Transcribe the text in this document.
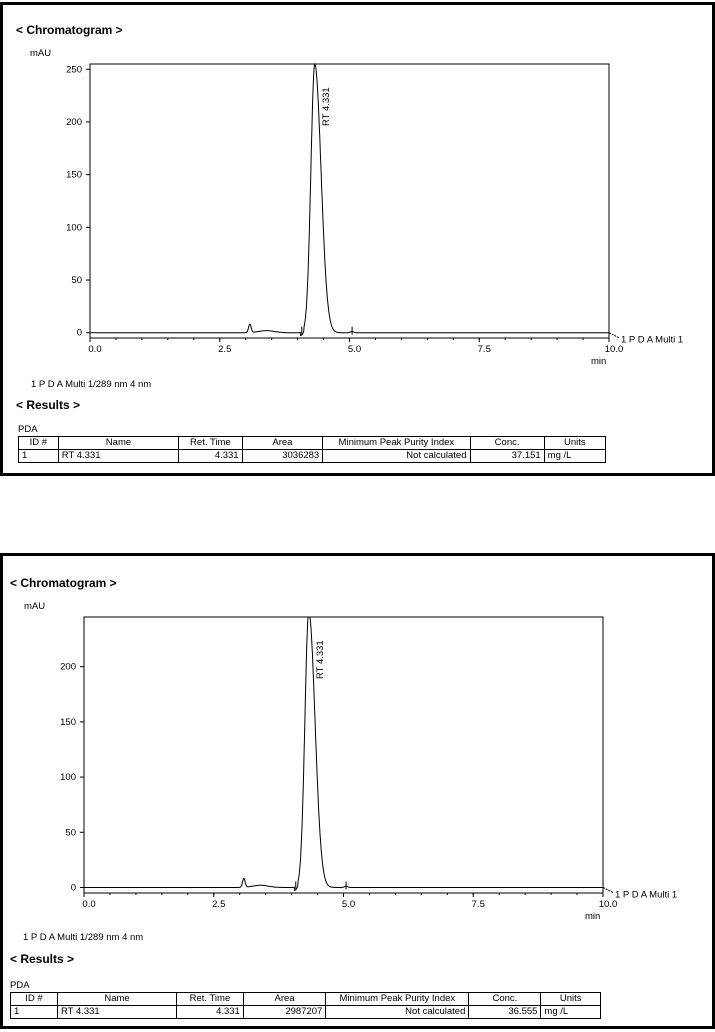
< Chromatogram >
mAU
0
50
100
150
200
250
0.0	2.5	5.0	7.5	10.0
min
1 P D A Multi 1
RT 4.331
1 P D A Multi 1/289 nm 4 nm
< Results >
PDA
ID #	Name	Ret. Time	Area	Minimum Peak Purity Index	Conc.	Units
1	RT 4.331	4.331	3036283	Not calculated	37.151	mg /L
< Chromatogram >
mAU
0
50
100
150
200
0.0	2.5	5.0	7.5	10.0
min
1 P D A Multi 1
RT 4.331
1 P D A Multi 1/289 nm 4 nm
< Results >
PDA
ID #	Name	Ret. Time	Area	Minimum Peak Purity Index	Conc.	Units
1	RT 4.331	4.331	2987207	Not calculated	36.555	mg /L
